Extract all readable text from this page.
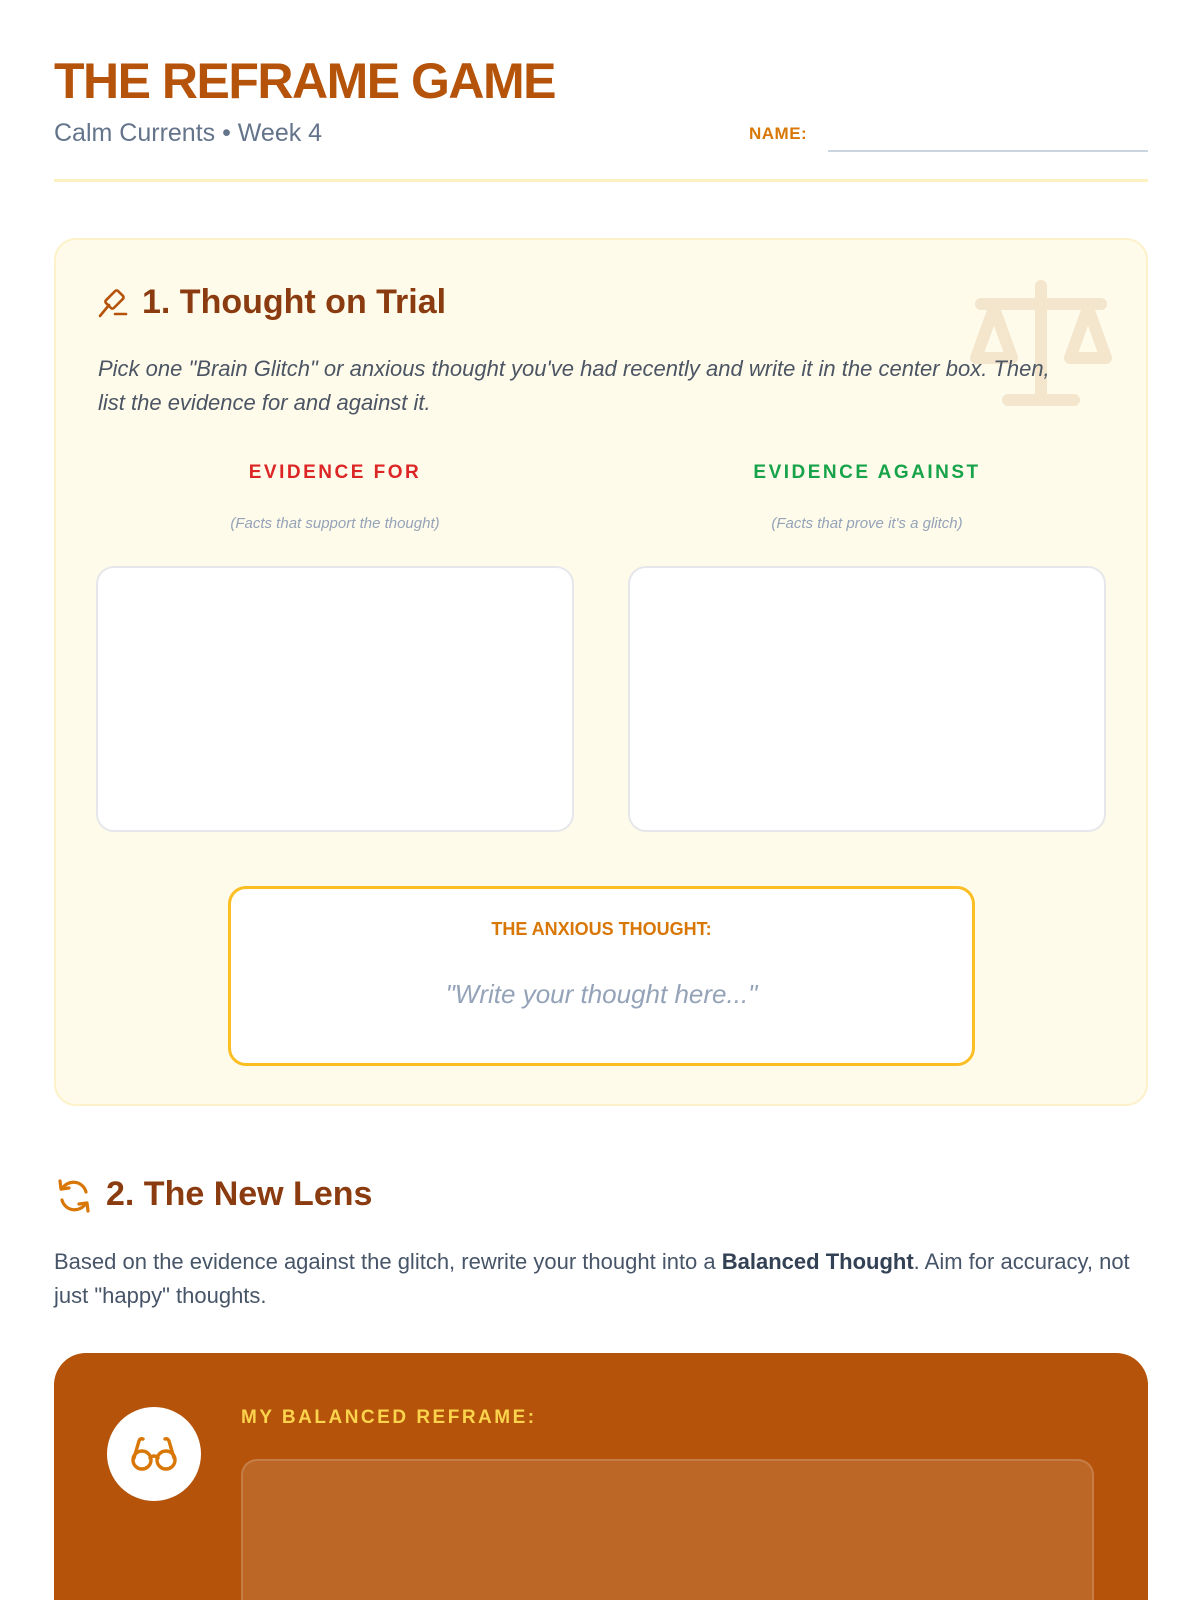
THE REFRAME GAME
Calm Currents • Week 4	NAME:
1. Thought on Trial

Pick one "Brain Glitch" or anxious thought you've had recently and write it in the center box. Then, list the evidence for and against it.

EVIDENCE FOR
(Facts that support the thought)
EVIDENCE AGAINST
(Facts that prove it's a glitch)
THE ANXIOUS THOUGHT:
"Write your thought here..."
2. The New Lens

Based on the evidence against the glitch, rewrite your thought into a Balanced Thought. Aim for accuracy, not just "happy" thoughts.

MY BALANCED REFRAME:
